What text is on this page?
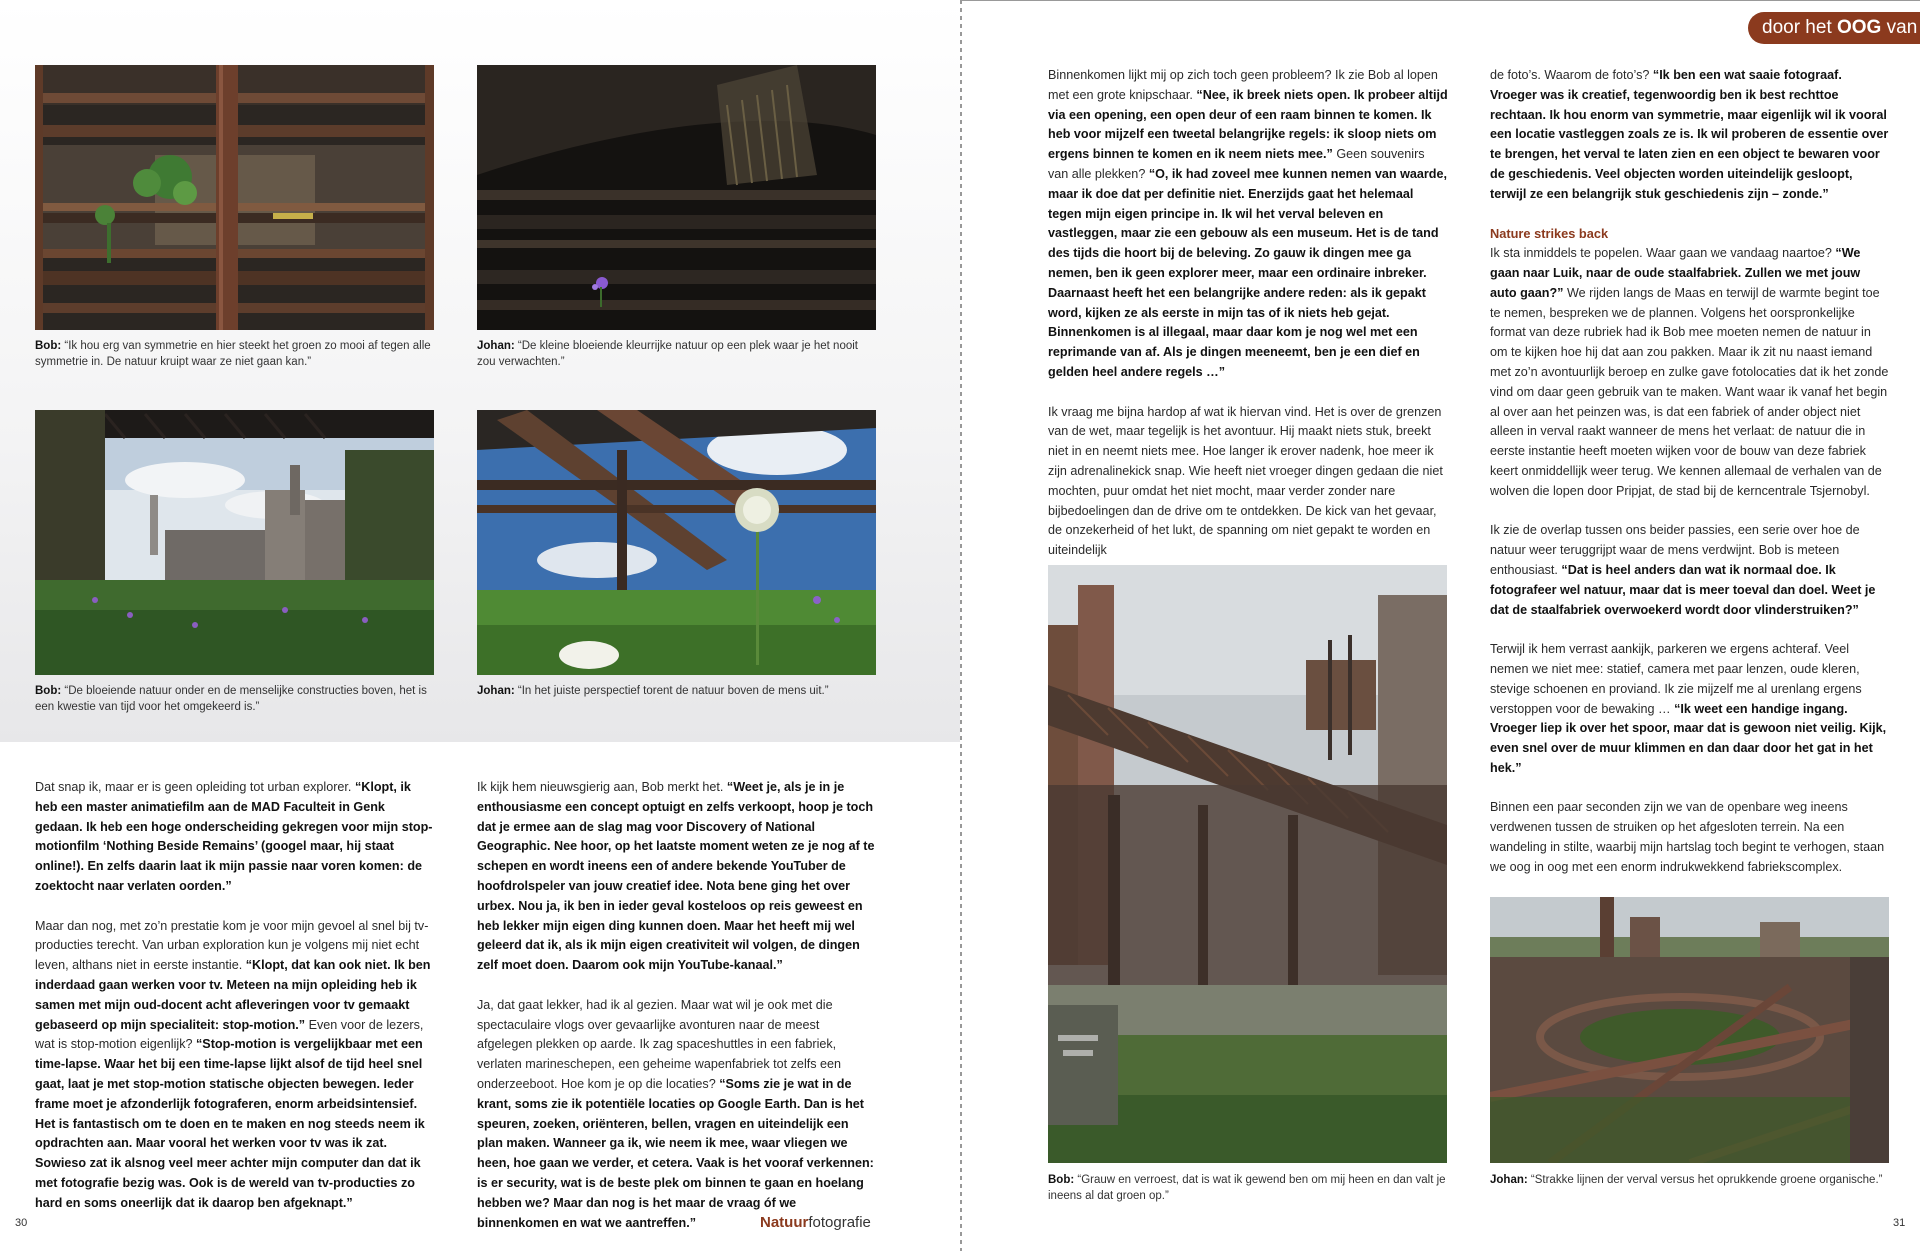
Bob: “Ik hou erg van symmetrie en hier steekt het groen zo mooi af tegen alle symmetrie in. De natuur kruipt waar ze niet gaan kan.”
Johan: “De kleine bloeiende kleurrijke natuur op een plek waar je het nooit zou verwachten.”
Bob: “De bloeiende natuur onder en de menselijke constructies boven, het is een kwestie van tijd voor het omgekeerd is.”
Johan: “In het juiste perspectief torent de natuur boven de mens uit.”

Dat snap ik, maar er is geen opleiding tot urban explorer. “Klopt, ik heb een master animatiefilm aan de MAD Faculteit in Genk gedaan. Ik heb een hoge onderscheiding gekregen voor mijn stop-motionfilm ‘Nothing Beside Remains’ (googel maar, hij staat online!). En zelfs daarin laat ik mijn passie naar voren komen: de zoektocht naar verlaten oorden.”

Maar dan nog, met zo’n prestatie kom je voor mijn gevoel al snel bij tv-producties terecht. Van urban exploration kun je volgens mij niet echt leven, althans niet in eerste instantie. “Klopt, dat kan ook niet. Ik ben inderdaad gaan werken voor tv. Meteen na mijn opleiding heb ik samen met mijn oud-docent acht afleveringen voor tv gemaakt gebaseerd op mijn specialiteit: stop-motion.” Even voor de lezers, wat is stop-motion eigenlijk? “Stop-motion is vergelijkbaar met een time-lapse. Waar het bij een time-lapse lijkt alsof de tijd heel snel gaat, laat je met stop-motion statische objecten bewegen. Ieder frame moet je afzonderlijk fotograferen, enorm arbeidsintensief. Het is fantastisch om te doen en te maken en nog steeds neem ik opdrachten aan. Maar vooral het werken voor tv was ik zat. Sowieso zat ik alsnog veel meer achter mijn computer dan dat ik met fotografie bezig was. Ook is de wereld van tv-producties zo hard en soms oneerlijk dat ik daarop ben afgeknapt.”

Ik kijk hem nieuwsgierig aan, Bob merkt het. “Weet je, als je in je enthousiasme een concept optuigt en zelfs verkoopt, hoop je toch dat je ermee aan de slag mag voor Discovery of National Geographic. Nee hoor, op het laatste moment weten ze je nog af te schepen en wordt ineens een of andere bekende YouTuber de hoofdrolspeler van jouw creatief idee. Nota bene ging het over urbex. Nou ja, ik ben in ieder geval kosteloos op reis geweest en heb lekker mijn eigen ding kunnen doen. Maar het heeft mij wel geleerd dat ik, als ik mijn eigen creativiteit wil volgen, de dingen zelf moet doen. Daarom ook mijn YouTube-kanaal.”

Ja, dat gaat lekker, had ik al gezien. Maar wat wil je ook met die spectaculaire vlogs over gevaarlijke avonturen naar de meest afgelegen plekken op aarde. Ik zag spaceshuttles in een fabriek, verlaten marineschepen, een geheime wapenfabriek tot zelfs een onderzeeboot. Hoe kom je op die locaties? “Soms zie je wat in de krant, soms zie ik potentiële locaties op Google Earth. Dan is het speuren, zoeken, oriënteren, bellen, vragen en uiteindelijk een plan maken. Wanneer ga ik, wie neem ik mee, waar vliegen we heen, hoe gaan we verder, et cetera. Vaak is het vooraf verkennen: is er security, wat is de beste plek om binnen te gaan en hoelang hebben we? Maar dan nog is het maar de vraag óf we binnenkomen en wat we aantreffen.”

30	Natuurfotografie
door het OOG van

Binnenkomen lijkt mij op zich toch geen probleem? Ik zie Bob al lopen met een grote knipschaar. “Nee, ik breek niets open. Ik probeer altijd via een opening, een open deur of een raam binnen te komen. Ik heb voor mijzelf een tweetal belangrijke regels: ik sloop niets om ergens binnen te komen en ik neem niets mee.” Geen souvenirs van alle plekken? “O, ik had zoveel mee kunnen nemen van waarde, maar ik doe dat per definitie niet. Enerzijds gaat het helemaal tegen mijn eigen principe in. Ik wil het verval beleven en vastleggen, maar zie een gebouw als een museum. Het is de tand des tijds die hoort bij de beleving. Zo gauw ik dingen mee ga nemen, ben ik geen explorer meer, maar een ordinaire inbreker. Daarnaast heeft het een belangrijke andere reden: als ik gepakt word, kijken ze als eerste in mijn tas of ik niets heb gejat. Binnenkomen is al illegaal, maar daar kom je nog wel met een reprimande van af. Als je dingen meeneemt, ben je een dief en gelden heel andere regels …”

Ik vraag me bijna hardop af wat ik hiervan vind. Het is over de grenzen van de wet, maar tegelijk is het avontuur. Hij maakt niets stuk, breekt niet in en neemt niets mee. Hoe langer ik erover nadenk, hoe meer ik zijn adrenalinekick snap. Wie heeft niet vroeger dingen gedaan die niet mochten, puur omdat het niet mocht, maar verder zonder nare bijbedoelingen dan de drive om te ontdekken. De kick van het gevaar, de onzekerheid of het lukt, de spanning om niet gepakt te worden en uiteindelijk

Bob: “Grauw en verroest, dat is wat ik gewend ben om mij heen en dan valt je ineens al dat groen op.”

de foto’s. Waarom de foto’s? “Ik ben een wat saaie fotograaf. Vroeger was ik creatief, tegenwoordig ben ik best rechttoe rechtaan. Ik hou enorm van symmetrie, maar eigenlijk wil ik vooral een locatie vastleggen zoals ze is. Ik wil proberen de essentie over te brengen, het verval te laten zien en een object te bewaren voor de geschiedenis. Veel objecten worden uiteindelijk gesloopt, terwijl ze een belangrijk stuk geschiedenis zijn – zonde.”

Nature strikes back

Ik sta inmiddels te popelen. Waar gaan we vandaag naartoe? “We gaan naar Luik, naar de oude staalfabriek. Zullen we met jouw auto gaan?” We rijden langs de Maas en terwijl de warmte begint toe te nemen, bespreken we de plannen. Volgens het oorspronkelijke format van deze rubriek had ik Bob mee moeten nemen de natuur in om te kijken hoe hij dat aan zou pakken. Maar ik zit nu naast iemand met zo’n avontuurlijk beroep en zulke gave fotolocaties dat ik het zonde vind om daar geen gebruik van te maken. Want waar ik vanaf het begin al over aan het peinzen was, is dat een fabriek of ander object niet alleen in verval raakt wanneer de mens het verlaat: de natuur die in eerste instantie heeft moeten wijken voor de bouw van deze fabriek keert onmiddellijk weer terug. We kennen allemaal de verhalen van de wolven die lopen door Pripjat, de stad bij de kerncentrale Tsjernobyl.

Ik zie de overlap tussen ons beider passies, een serie over hoe de natuur weer teruggrijpt waar de mens verdwijnt. Bob is meteen enthousiast. “Dat is heel anders dan wat ik normaal doe. Ik fotografeer wel natuur, maar dat is meer toeval dan doel. Weet je dat de staalfabriek overwoekerd wordt door vlinderstruiken?”

Terwijl ik hem verrast aankijk, parkeren we ergens achteraf. Veel nemen we niet mee: statief, camera met paar lenzen, oude kleren, stevige schoenen en proviand. Ik zie mijzelf me al urenlang ergens verstoppen voor de bewaking … “Ik weet een handige ingang. Vroeger liep ik over het spoor, maar dat is gewoon niet veilig. Kijk, even snel over de muur klimmen en dan daar door het gat in het hek.”

Binnen een paar seconden zijn we van de openbare weg ineens verdwenen tussen de struiken op het afgesloten terrein. Na een wandeling in stilte, waarbij mijn hartslag toch begint te verhogen, staan we oog in oog met een enorm indrukwekkend fabriekscomplex.

Johan: “Strakke lijnen der verval versus het oprukkende groene organische.”
31
